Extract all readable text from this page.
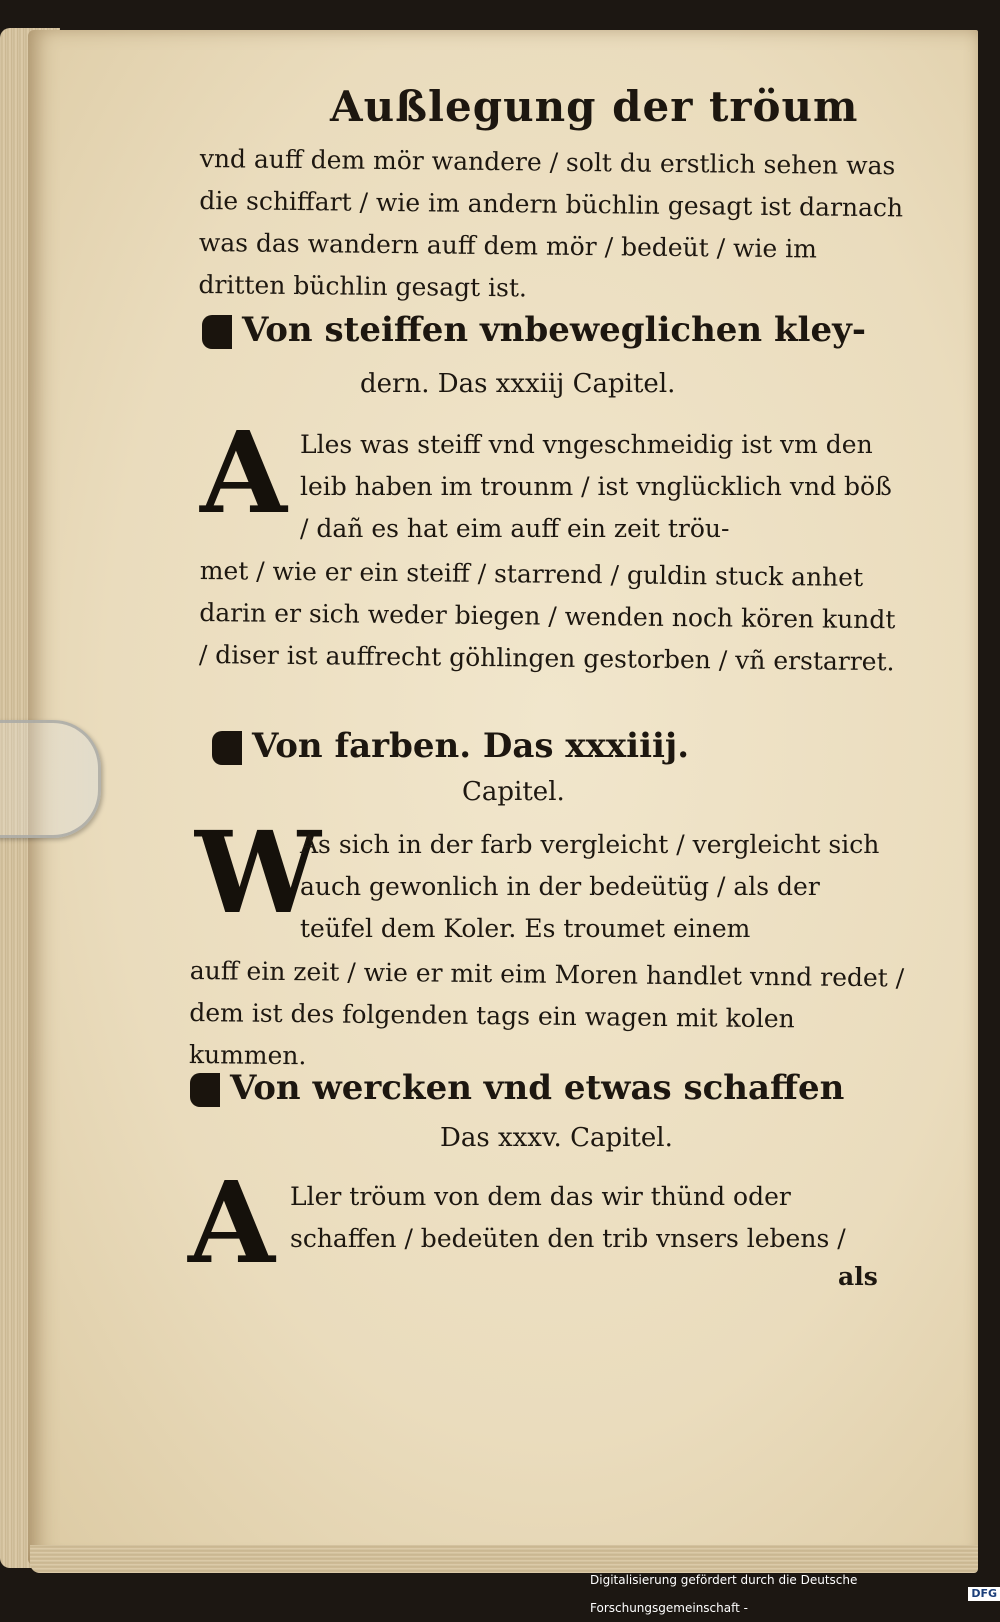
Außlegung der tröum
vnd auff dem mör wandere / solt du erstlich sehen was die schiffart / wie im andern büchlin gesagt ist darnach was das wandern auff dem mör / bedeüt / wie im dritten büchlin gesagt ist.
Von steiffen vnbeweglichen kley-
dern. Das xxxiij Capitel.
A Lles was steiff vnd vngeschmeidig ist vm den leib haben im trounm / ist vnglücklich vnd böß / dañ es hat eim auff ein zeit tröu-
met / wie er ein steiff / starrend / guldin stuck anhet darin er sich weder biegen / wenden noch kören kundt / diser ist auffrecht göhlingen gestorben / vñ erstarret.
Von farben. Das xxxiiij.
Capitel.
W
As sich in der farb vergleicht / vergleicht sich auch gewonlich in der bedeütüg / als der teüfel dem Koler. Es troumet einem
auff ein zeit / wie er mit eim Moren handlet vnnd redet / dem ist des folgenden tags ein wagen mit kolen kummen.
Von wercken vnd etwas schaffen
Das xxxv. Capitel.
A Ller tröum von dem das wir thünd oder schaffen / bedeüten den trib vnsers lebens /
als
Digitalisierung gefördert durch die Deutsche Forschungsgemeinschaft -
DFG
